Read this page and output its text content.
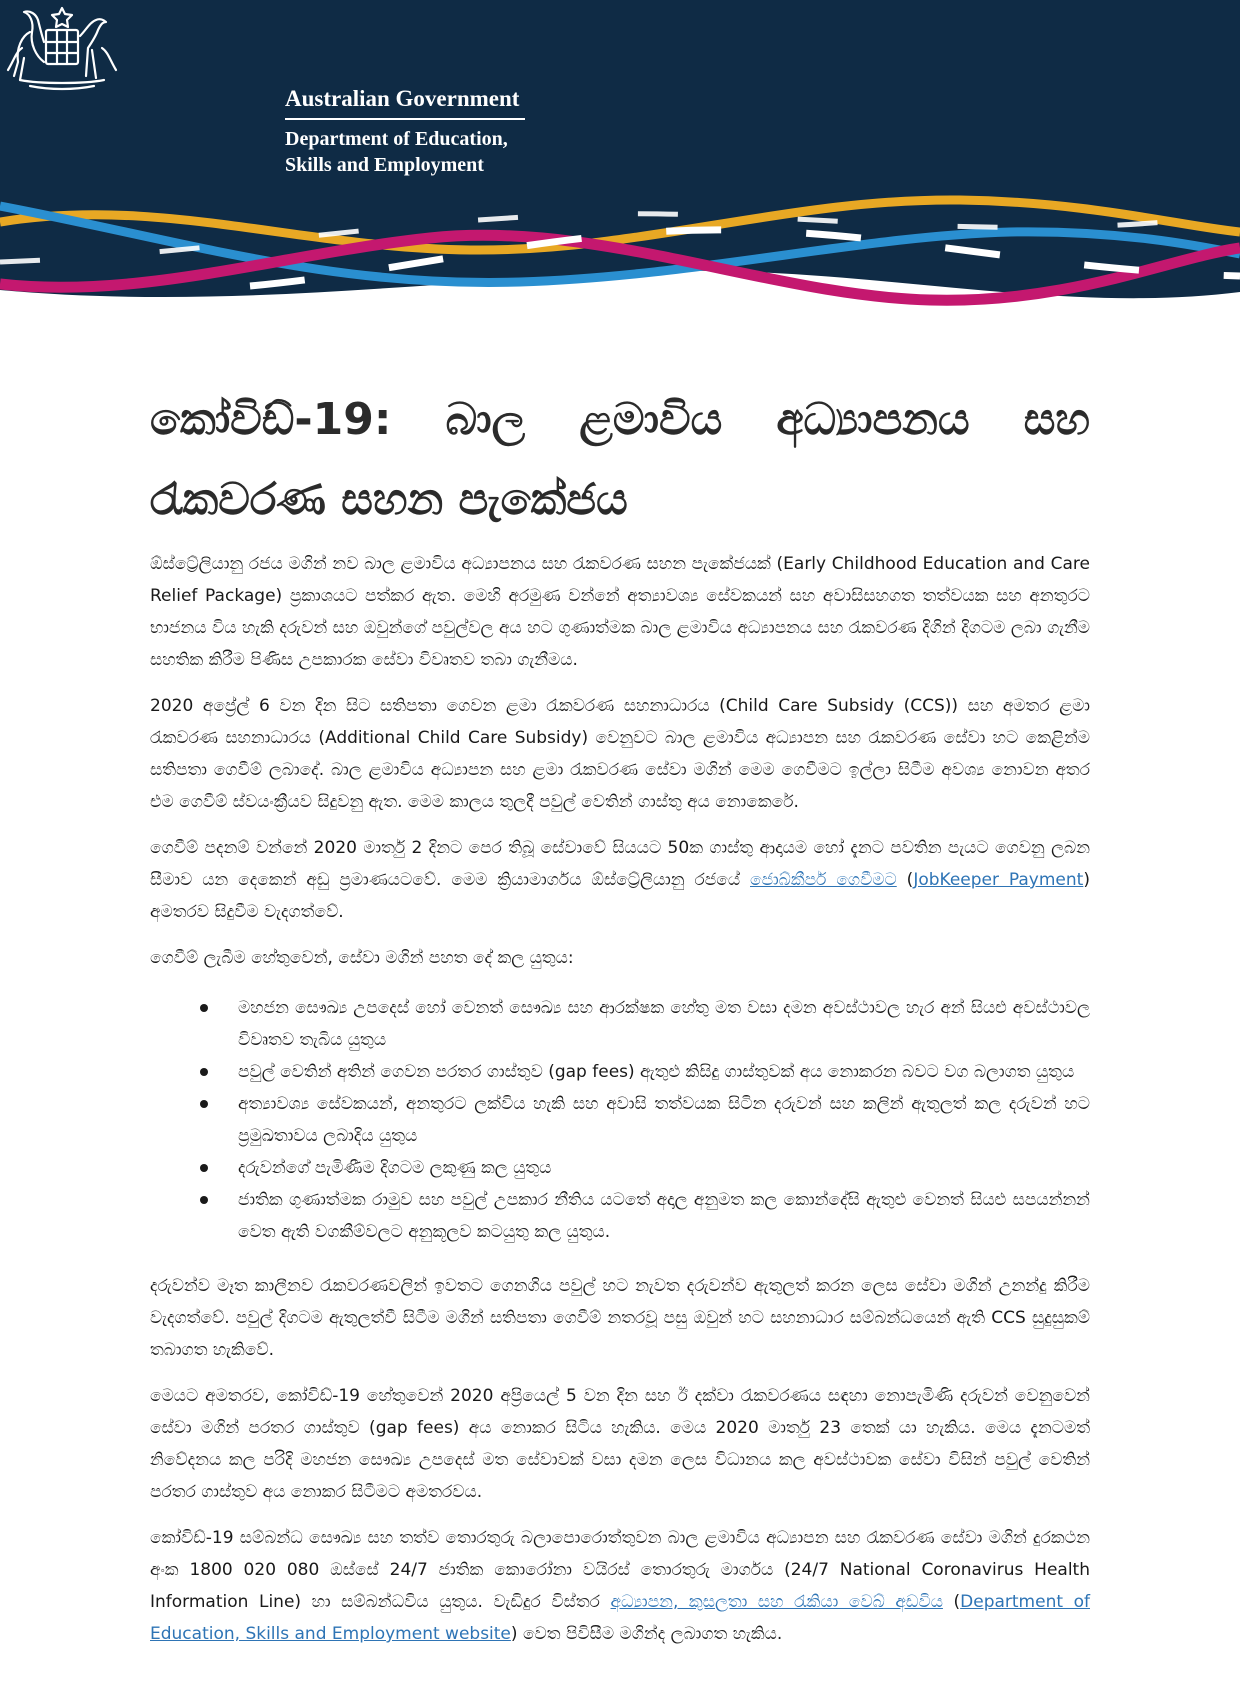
Australian Government
Department of Education,
Skills and Employment
කෝවිඩ්-19: බාල ළමාවිය අධ්‍යාපනය සහ රැකවරණ සහන පැකේජය

ඕස්ට්‍රේලියානු රජය මගින් නව බාල ළමාවිය අධ්‍යාපනය සහ රැකවරණ සහන පැකේජයක් (Early Childhood Education and Care Relief Package) ප්‍රකාශයට පත්කර ඇත. මෙහි අරමුණ වන්නේ අත්‍යාවශ්‍ය සේවකයන් සහ අවාසිසහගත තත්වයක සහ අනතුරට භාජනය විය හැකි දරුවන් සහ ඔවුන්ගේ පවුල්වල අය හට ගුණාත්මක බාල ළමාවිය අධ්‍යාපනය සහ රැකවරණ දිගින් දිගටම ලබා ගැනීම සහතික කිරීම පිණිස උපකාරක සේවා විවෘතව තබා ගැනීමය.

2020 අප්‍රේල් 6 වන දින සිට සතිපතා ගෙවන ළමා රැකවරණ සහනාධාරය (Child Care Subsidy (CCS)) සහ අමතර ළමා රැකවරණ සහනාධාරය (Additional Child Care Subsidy) වෙනුවට බාල ළමාවිය අධ්‍යාපන සහ රැකවරණ සේවා හට කෙළින්ම සතිපතා ගෙවීම් ලබාදේ. බාල ළමාවිය අධ්‍යාපන සහ ළමා රැකවරණ සේවා මගින් මෙම ගෙවීමට ඉල්ලා සිටීම අවශ්‍ය නොවන අතර එම ගෙවීම් ස්වයංක්‍රීයව සිදුවනු ඇත. මෙම කාලය තුලදී පවුල් වෙතින් ගාස්තු අය නොකෙරේ.

ගෙවීම් පදනම් වන්නේ 2020 මාර්තු 2 දිනට පෙර තිබූ සේවාවේ සියයට 50ක ගාස්තු ආදායම හෝ දැනට පවතින පැයට ගෙවනු ලබන සීමාව යන දෙකෙන් අඩු ප්‍රමාණයටවේ. මෙම ක්‍රියාමාර්ගය ඕස්ට්‍රේලියානු රජයේ ජොබ්කීපර් ගෙවීමට (JobKeeper Payment) අමතරව සිදුවීම වැදගත්වේ.

ගෙවීම් ලැබීම හේතුවෙන්, සේවා මගින් පහත දේ කල යුතුය:

මහජන සෞඛ්‍ය උපදෙස් හෝ වෙනත් සෞඛ්‍ය සහ ආරක්ෂක හේතු මත වසා දමන අවස්ථාවල හැර අන් සියළු අවස්ථාවල විවෘතව තැබිය යුතුය
පවුල් වෙතින් අතින් ගෙවන පරතර ගාස්තුව (gap fees) ඇතුළු කිසිදු ගාස්තුවක් අය නොකරන බවට වග බලාගත යුතුය
අත්‍යාවශ්‍ය සේවකයන්, අනතුරට ලක්විය හැකි සහ අවාසි තත්වයක සිටින දරුවන් සහ කලින් ඇතුලත් කල දරුවන් හට ප්‍රමුඛතාවය ලබාදිය යුතුය
දරුවන්ගේ පැමිණීම දිගටම ලකුණු කල යුතුය
ජාතික ගුණාත්මක රාමුව සහ පවුල් උපකාර නීතිය යටතේ අදාල අනුමත කල කොන්දේසි ඇතුළු වෙනත් සියළු සපයන්නන් වෙත ඇති වගකීම්වලට අනුකූලව කටයුතු කල යුතුය.

දරුවන්ව මෑත කාලීනව රැකවරණවලින් ඉවතට ගෙනගිය පවුල් හට නැවත දරුවන්ව ඇතුලත් කරන ලෙස සේවා මගින් උනන්දු කිරීම වැදගත්වේ. පවුල් දිගටම ඇතුලත්වී සිටීම මගින් සතිපතා ගෙවීම් නතරවූ පසු ඔවුන් හට සහනාධාර සම්බන්ධයෙන් ඇති CCS සුදුසුකම් තබාගත හැකිවේ.

මෙයට අමතරව, කෝවිඩ්-19 හේතුවෙන් 2020 අප්‍රියෙල් 5 වන දින සහ ඊ දක්වා රැකවරණය සඳහා නොපැමිණි දරුවන් වෙනුවෙන් සේවා මගින් පරතර ගාස්තුව (gap fees) අය නොකර සිටිය හැකිය. මෙය 2020 මාර්තු 23 තෙක් යා හැකිය. මෙය දැනටමත් නිවේදනය කල පරිදි මහජන සෞඛ්‍ය උපදෙස් මත සේවාවක් වසා දමන ලෙස විධානය කල අවස්ථාවක සේවා විසින් පවුල් වෙතින් පරතර ගාස්තුව අය නොකර සිටීමට අමතරවය.

කෝවිඩ්-19 සම්බන්ධ සෞඛ්‍ය සහ තත්ව තොරතුරු බලාපොරොත්තුවන බාල ළමාවිය අධ්‍යාපන සහ රැකවරණ සේවා මගින් දුරකථන අංක 1800 020 080 ඔස්සේ 24/7 ජාතික කොරෝනා වයිරස් තොරතුරු මාර්ගය (24/7 National Coronavirus Health Information Line) හා සම්බන්ධවිය යුතුය. වැඩිදුර විස්තර අධ්‍යාපන, කුසලතා සහ රැකියා වෙබ් අඩවිය (Department of Education, Skills and Employment website) වෙත පිවිසීම මගින්ද ලබාගත හැකිය.
